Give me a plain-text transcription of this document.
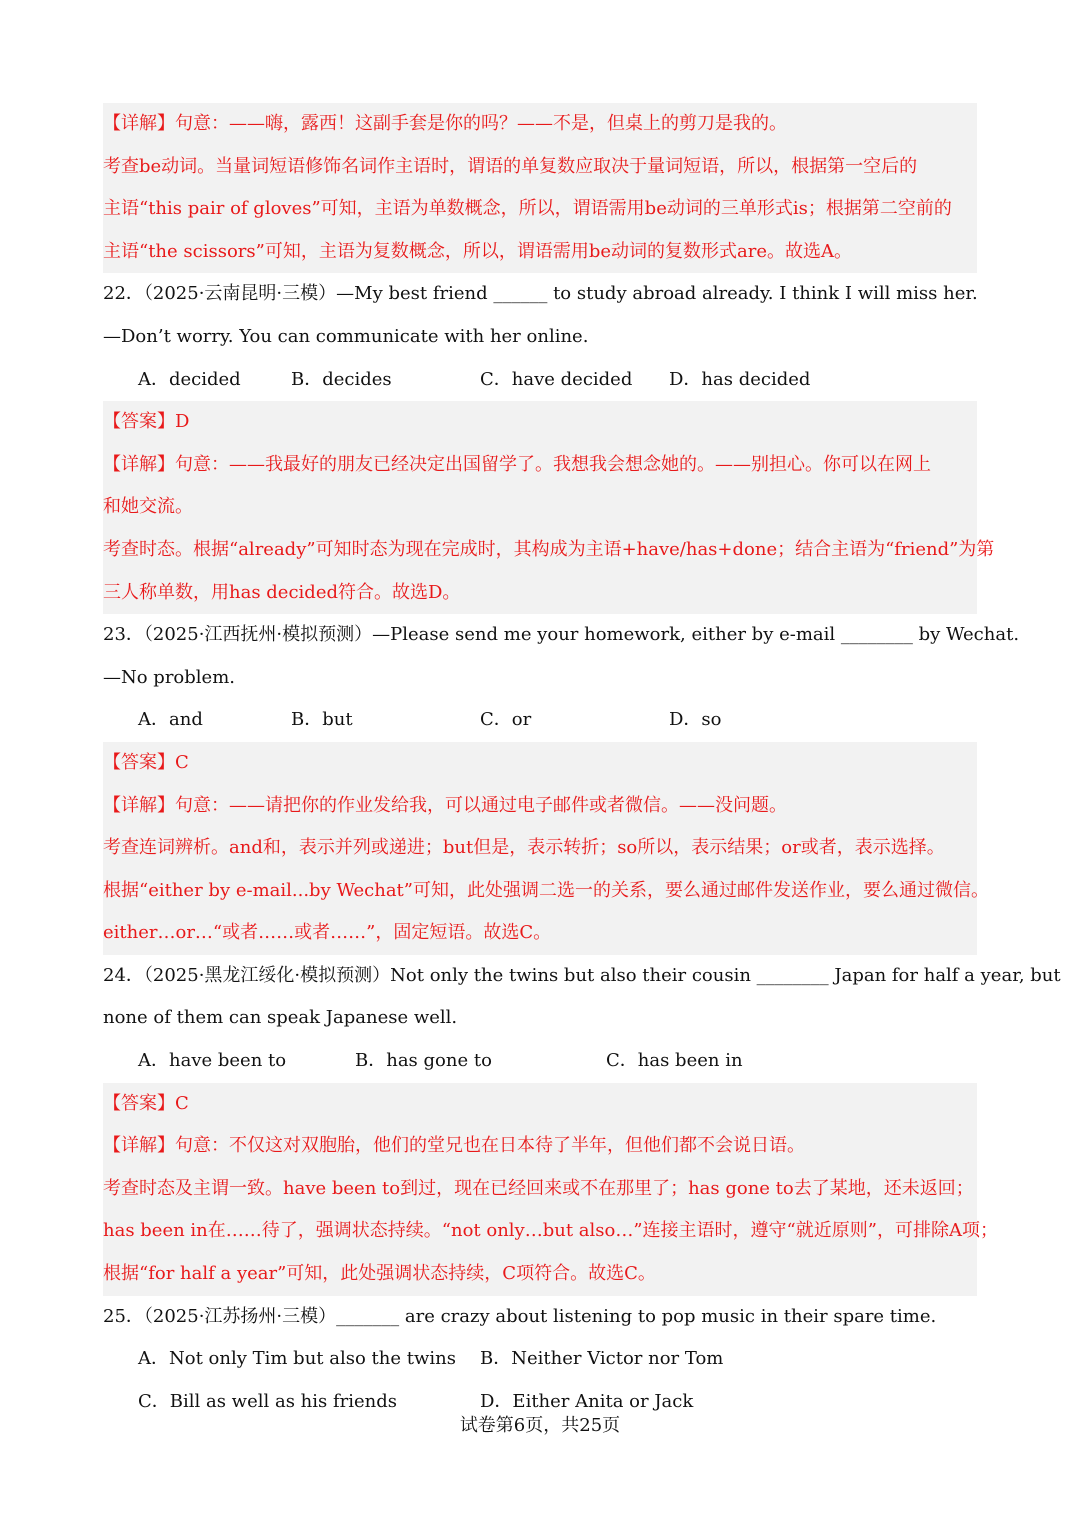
【详解】句意：——嗨，露西！这副手套是你的吗？——不是，但桌上的剪刀是我的。
考查be动词。当量词短语修饰名词作主语时，谓语的单复数应取决于量词短语，所以，根据第一空后的
主语“this pair of gloves”可知，主语为单数概念，所以，谓语需用be动词的三单形式is；根据第二空前的
主语“the scissors”可知，主语为复数概念，所以，谓语需用be动词的复数形式are。故选A。
22．（2025·云南昆明·三模）—My best friend ______ to study abroad already. I think I will miss her.
—Don’t worry. You can communicate with her online.
A．decided	B．decides	C．have decided D．has decided
【答案】D
【详解】句意：——我最好的朋友已经决定出国留学了。我想我会想念她的。——别担心。你可以在网上
和她交流。
考查时态。根据“already”可知时态为现在完成时，其构成为主语+have/has+done；结合主语为“friend”为第
三人称单数，用has decided符合。故选D。
23．（2025·江西抚州·模拟预测）—Please send me your homework, either by e-mail ________ by Wechat.
—No problem.
A．and	B．but	C．or	D．so
【答案】C
【详解】句意：——请把你的作业发给我，可以通过电子邮件或者微信。——没问题。
考查连词辨析。and和，表示并列或递进；but但是，表示转折；so所以，表示结果；or或者，表示选择。
根据“either by e-mail...by Wechat”可知，此处强调二选一的关系，要么通过邮件发送作业，要么通过微信。
either…or…“或者……或者……”，固定短语。故选C。
24．（2025·黑龙江绥化·模拟预测）Not only the twins but also their cousin ________ Japan for half a year, but
none of them can speak Japanese well.
A．have been to	B．has gone to	C．has been in
【答案】C
【详解】句意：不仅这对双胞胎，他们的堂兄也在日本待了半年，但他们都不会说日语。
考查时态及主谓一致。have been to到过，现在已经回来或不在那里了；has gone to去了某地，还未返回；
has been in在……待了，强调状态持续。“not only…but also…”连接主语时，遵守“就近原则”，可排除A项；
根据“for half a year”可知，此处强调状态持续，C项符合。故选C。
25．（2025·江苏扬州·三模）_______ are crazy about listening to pop music in their spare time.
A．Not only Tim but also the twins B．Neither Victor nor Tom
C．Bill as well as his friends	D．Either Anita or Jack
试卷第6页，共25页
